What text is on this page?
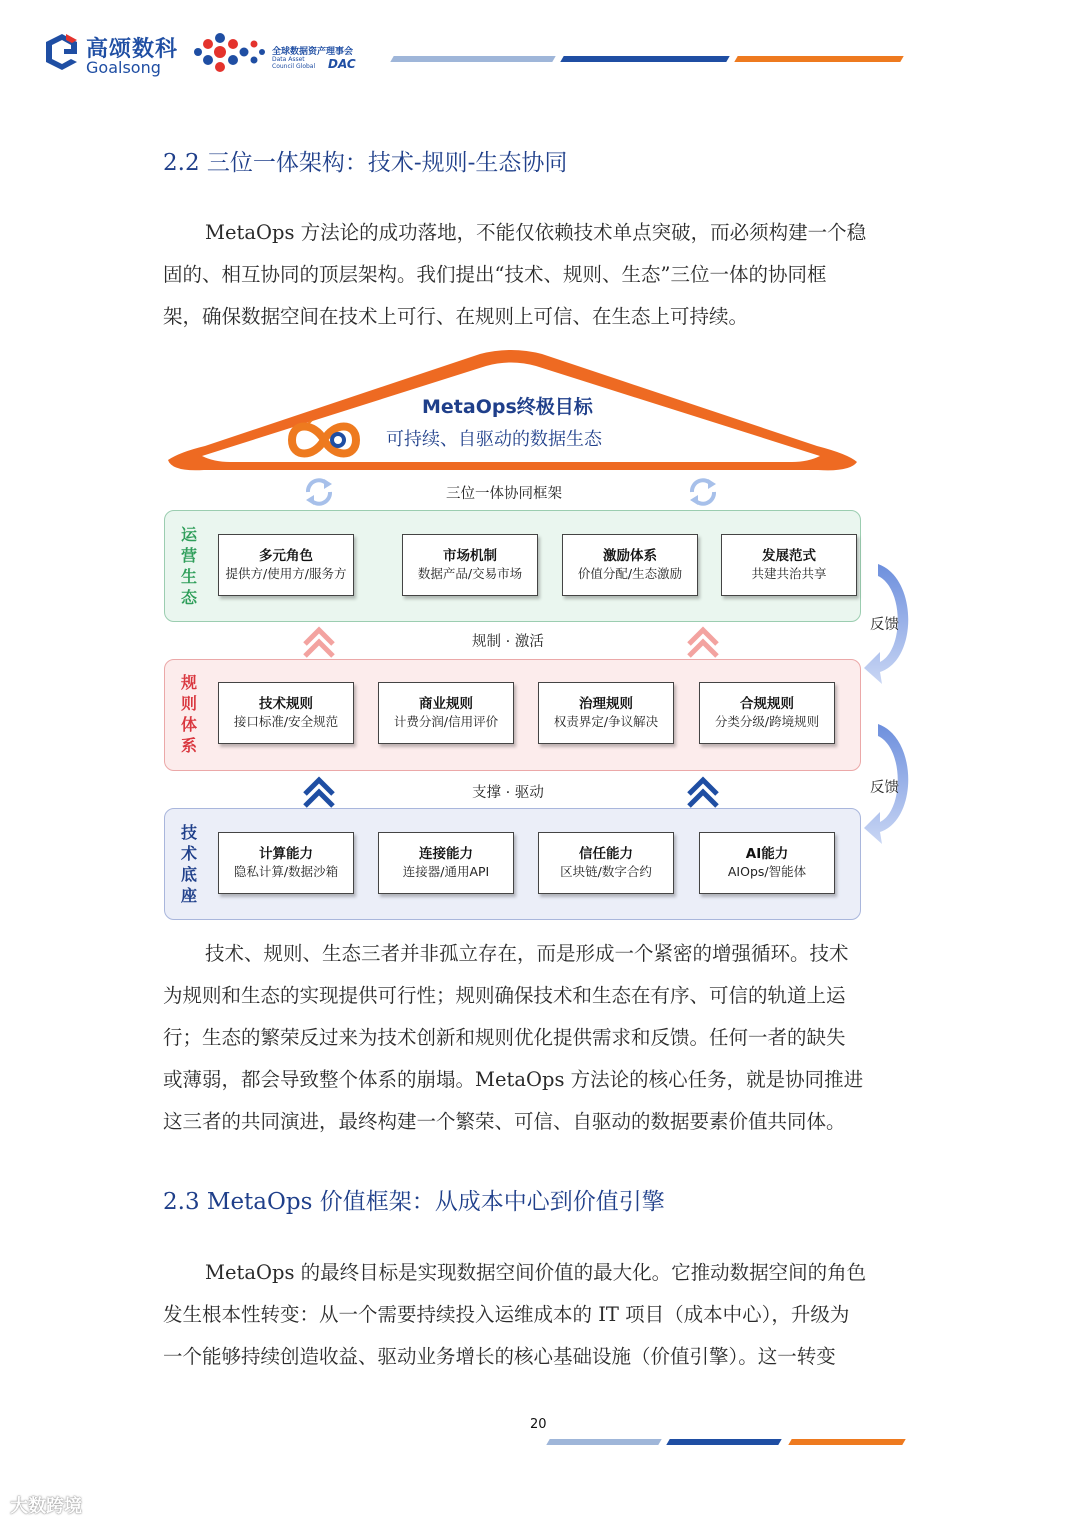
高颂数科
Goalsong
全球数据资产理事会
Data Asset Council Global	DAC
2.2 三位一体架构：技术-规则-生态协同
MetaOps 方法论的成功落地，不能仅依赖技术单点突破，而必须构建一个稳
固的、相互协同的顶层架构。我们提出“技术、规则、生态”三位一体的协同框
架，确保数据空间在技术上可行、在规则上可信、在生态上可持续。
MetaOps终极目标
可持续、自驱动的数据生态
三位一体协同框架
运
营
生
态
多元角色
提供方/使用方/服务方
市场机制
数据产品/交易市场
激励体系
价值分配/生态激励
发展范式
共建共治共享
规制 · 激活
规
则
体
系
技术规则
接口标准/安全规范
商业规则
计费分润/信用评价
治理规则
权责界定/争议解决
合规规则
分类分级/跨境规则
支撑 · 驱动
技
术
底
座
计算能力
隐私计算/数据沙箱
连接能力
连接器/通用API
信任能力
区块链/数字合约
AI能力
AIOps/智能体
反馈
反馈
技术、规则、生态三者并非孤立存在，而是形成一个紧密的增强循环。技术
为规则和生态的实现提供可行性；规则确保技术和生态在有序、可信的轨道上运
行；生态的繁荣反过来为技术创新和规则优化提供需求和反馈。任何一者的缺失
或薄弱，都会导致整个体系的崩塌。MetaOps 方法论的核心任务，就是协同推进
这三者的共同演进，最终构建一个繁荣、可信、自驱动的数据要素价值共同体。
2.3 MetaOps 价值框架：从成本中心到价值引擎
MetaOps 的最终目标是实现数据空间价值的最大化。它推动数据空间的角色
发生根本性转变：从一个需要持续投入运维成本的 IT 项目（成本中心），升级为
一个能够持续创造收益、驱动业务增长的核心基础设施（价值引擎）。这一转变
20
大数跨境
